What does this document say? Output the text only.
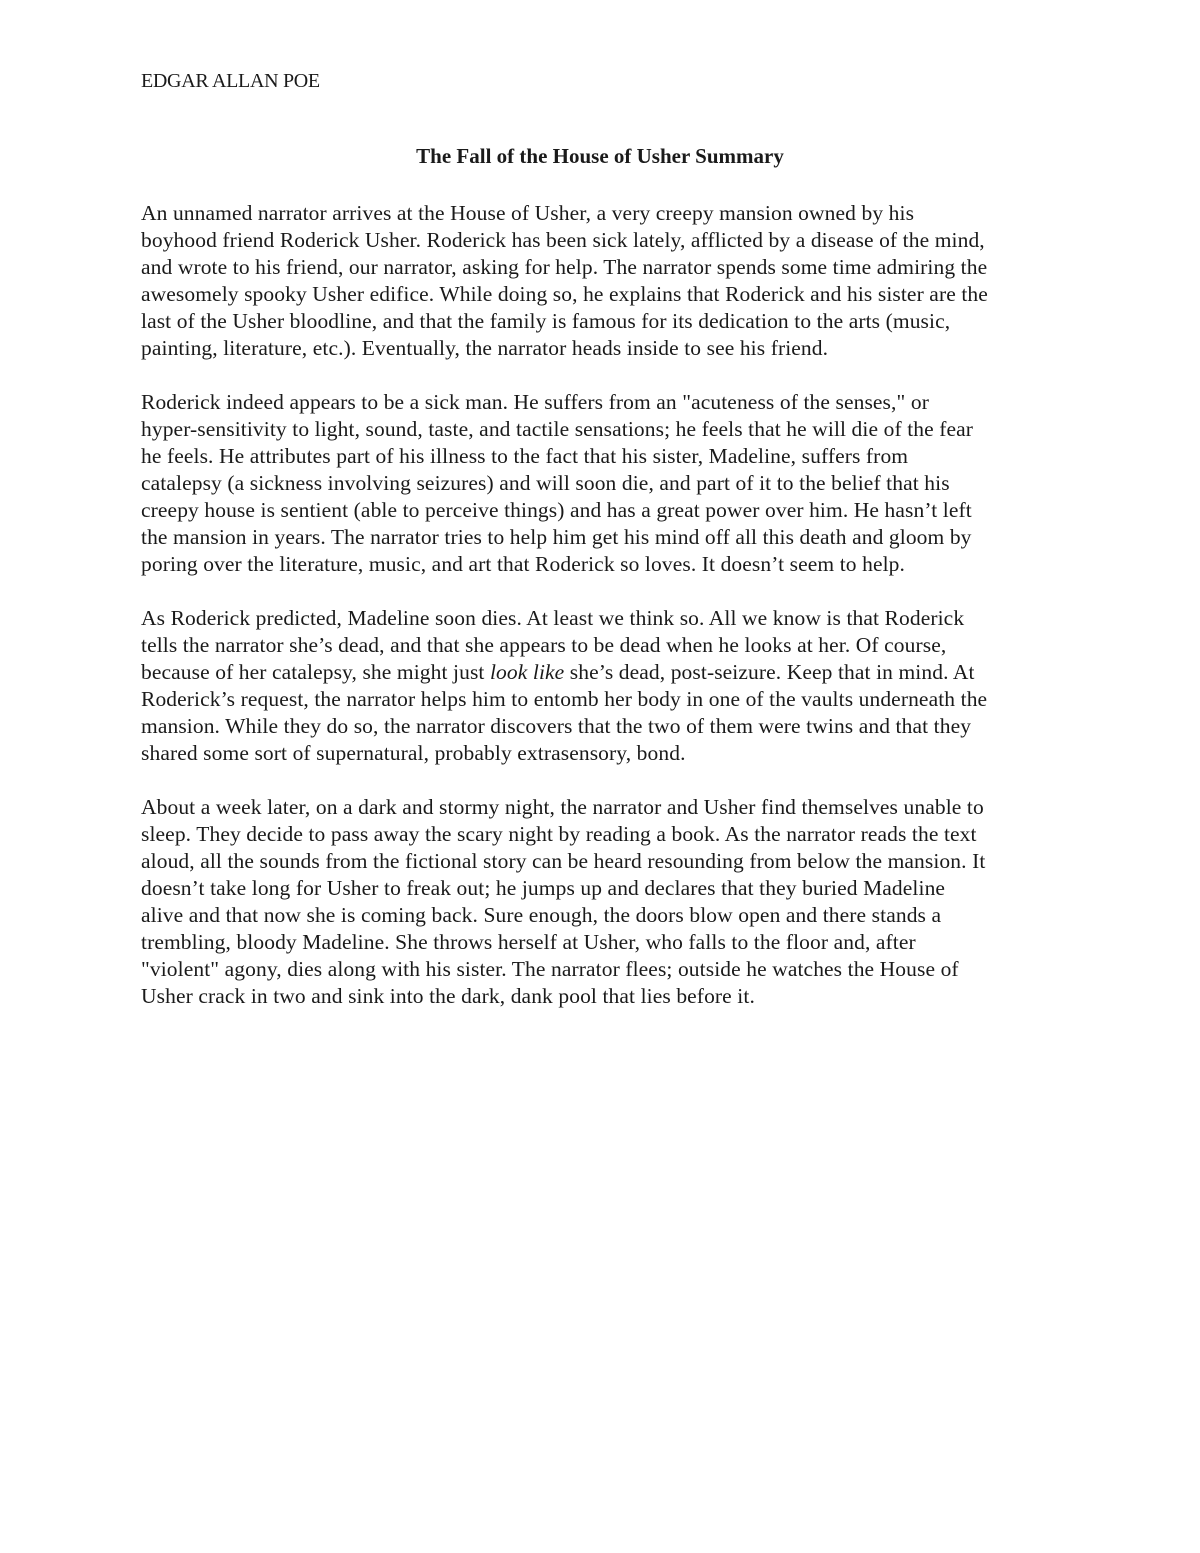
EDGAR ALLAN POE
The Fall of the House of Usher Summary
An unnamed narrator arrives at the House of Usher, a very creepy mansion owned by his
boyhood friend Roderick Usher. Roderick has been sick lately, afflicted by a disease of the mind,
and wrote to his friend, our narrator, asking for help. The narrator spends some time admiring the
awesomely spooky Usher edifice. While doing so, he explains that Roderick and his sister are the
last of the Usher bloodline, and that the family is famous for its dedication to the arts (music,
painting, literature, etc.). Eventually, the narrator heads inside to see his friend.
Roderick indeed appears to be a sick man. He suffers from an "acuteness of the senses," or
hyper-sensitivity to light, sound, taste, and tactile sensations; he feels that he will die of the fear
he feels. He attributes part of his illness to the fact that his sister, Madeline, suffers from
catalepsy (a sickness involving seizures) and will soon die, and part of it to the belief that his
creepy house is sentient (able to perceive things) and has a great power over him. He hasn’t left
the mansion in years. The narrator tries to help him get his mind off all this death and gloom by
poring over the literature, music, and art that Roderick so loves. It doesn’t seem to help.
As Roderick predicted, Madeline soon dies. At least we think so. All we know is that Roderick
tells the narrator she’s dead, and that she appears to be dead when he looks at her. Of course,
because of her catalepsy, she might just look like she’s dead, post-seizure. Keep that in mind. At
Roderick’s request, the narrator helps him to entomb her body in one of the vaults underneath the
mansion. While they do so, the narrator discovers that the two of them were twins and that they
shared some sort of supernatural, probably extrasensory, bond.
About a week later, on a dark and stormy night, the narrator and Usher find themselves unable to
sleep. They decide to pass away the scary night by reading a book. As the narrator reads the text
aloud, all the sounds from the fictional story can be heard resounding from below the mansion. It
doesn’t take long for Usher to freak out; he jumps up and declares that they buried Madeline
alive and that now she is coming back. Sure enough, the doors blow open and there stands a
trembling, bloody Madeline. She throws herself at Usher, who falls to the floor and, after
"violent" agony, dies along with his sister. The narrator flees; outside he watches the House of
Usher crack in two and sink into the dark, dank pool that lies before it.
